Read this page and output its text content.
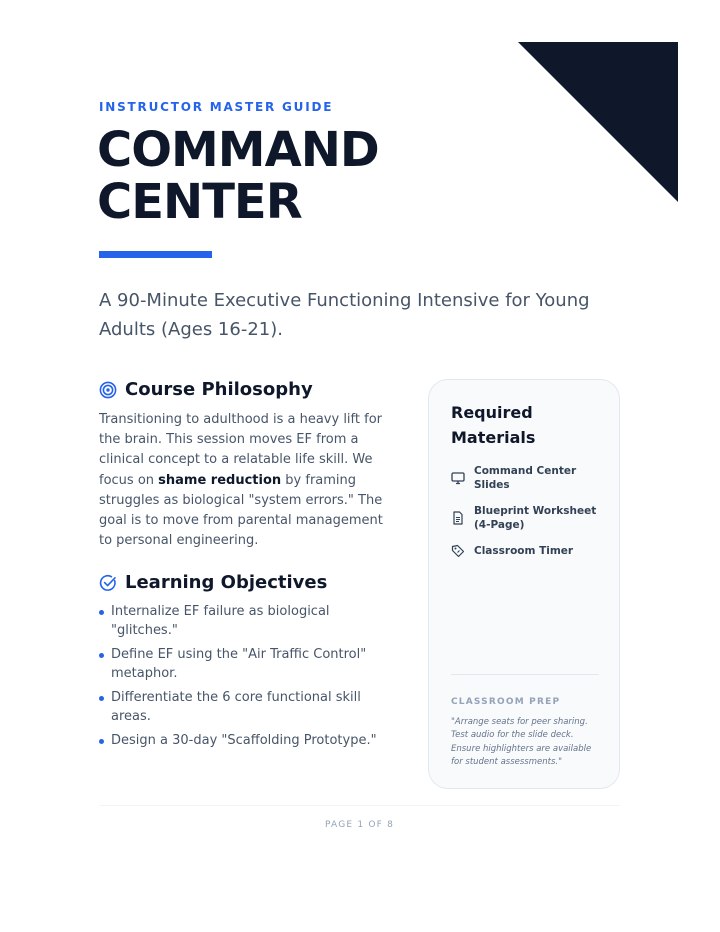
INSTRUCTOR MASTER GUIDE
COMMAND
CENTER

A 90-Minute Executive Functioning Intensive for Young Adults (Ages 16-21).

Course Philosophy

Transitioning to adulthood is a heavy lift for the brain. This session moves EF from a clinical concept to a relatable life skill. We focus on shame reduction by framing struggles as biological "system errors." The goal is to move from parental management to personal engineering.

Learning Objectives
Internalize EF failure as biological "glitches."
Define EF using the "Air Traffic Control" metaphor.
Differentiate the 6 core functional skill areas.
Design a 30-day "Scaffolding Prototype."
Required Materials
Command Center Slides
Blueprint Worksheet (4-Page)
Classroom Timer
CLASSROOM PREP

"Arrange seats for peer sharing. Test audio for the slide deck. Ensure highlighters are available for student assessments."

PAGE 1 OF 8
